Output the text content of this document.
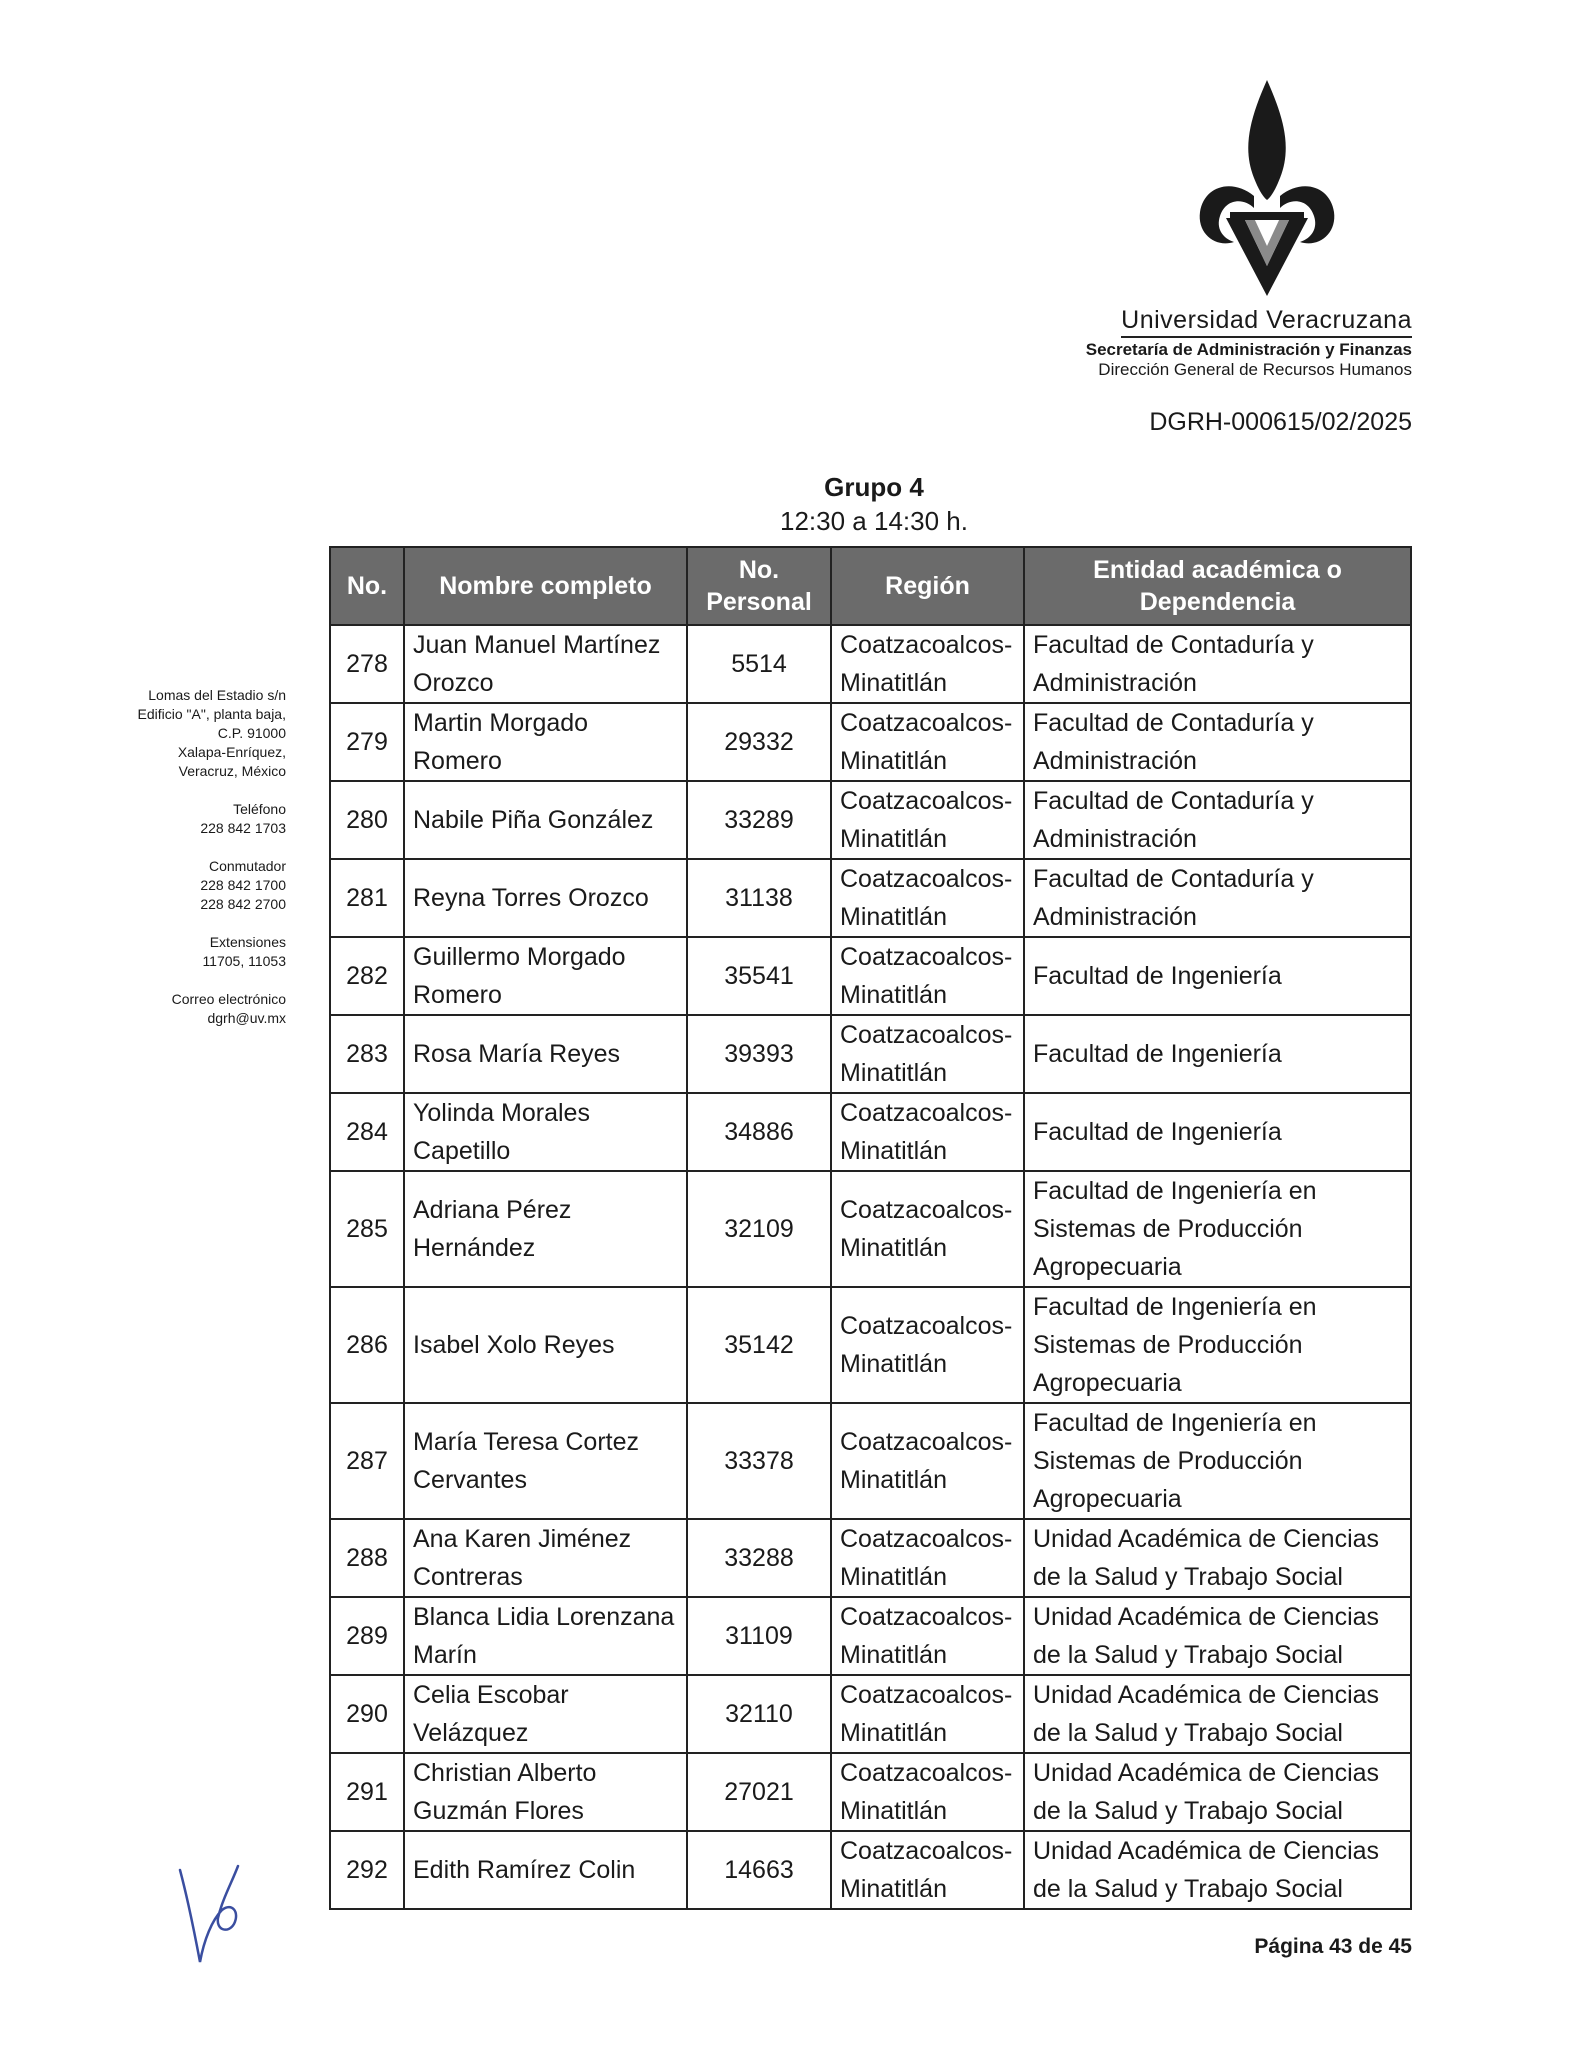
Universidad Veracruzana
Secretaría de Administración y Finanzas
Dirección General de Recursos Humanos
DGRH-000615/02/2025
Grupo 4
12:30 a 14:30 h.

Lomas del Estadio s/n
Edificio "A", planta baja,
C.P. 91000
Xalapa-Enríquez,
Veracruz, México

Teléfono
228 842 1703

Conmutador
228 842 1700
228 842 2700

Extensiones
11705, 11053

Correo electrónico
dgrh@uv.mx

No.	Nombre completo	No. Personal	Región	Entidad académica o Dependencia
278	Juan Manuel Martínez Orozco	5514	Coatzacoalcos-Minatitlán	Facultad de Contaduría y Administración
279	Martin Morgado Romero	29332	Coatzacoalcos-Minatitlán	Facultad de Contaduría y Administración
280	Nabile Piña González	33289	Coatzacoalcos-Minatitlán	Facultad de Contaduría y Administración
281	Reyna Torres Orozco	31138	Coatzacoalcos-Minatitlán	Facultad de Contaduría y Administración
282	Guillermo Morgado Romero	35541	Coatzacoalcos-Minatitlán	Facultad de Ingeniería
283	Rosa María Reyes	39393	Coatzacoalcos-Minatitlán	Facultad de Ingeniería
284	Yolinda Morales Capetillo	34886	Coatzacoalcos-Minatitlán	Facultad de Ingeniería
285	Adriana Pérez Hernández	32109	Coatzacoalcos-Minatitlán	Facultad de Ingeniería en Sistemas de Producción Agropecuaria
286	Isabel Xolo Reyes	35142	Coatzacoalcos-Minatitlán	Facultad de Ingeniería en Sistemas de Producción Agropecuaria
287	María Teresa Cortez Cervantes	33378	Coatzacoalcos-Minatitlán	Facultad de Ingeniería en Sistemas de Producción Agropecuaria
288	Ana Karen Jiménez Contreras	33288	Coatzacoalcos-Minatitlán	Unidad Académica de Ciencias de la Salud y Trabajo Social
289	Blanca Lidia Lorenzana Marín	31109	Coatzacoalcos-Minatitlán	Unidad Académica de Ciencias de la Salud y Trabajo Social
290	Celia Escobar Velázquez	32110	Coatzacoalcos-Minatitlán	Unidad Académica de Ciencias de la Salud y Trabajo Social
291	Christian Alberto Guzmán Flores	27021	Coatzacoalcos-Minatitlán	Unidad Académica de Ciencias de la Salud y Trabajo Social
292	Edith Ramírez Colin	14663	Coatzacoalcos-Minatitlán	Unidad Académica de Ciencias de la Salud y Trabajo Social
Página 43 de 45
